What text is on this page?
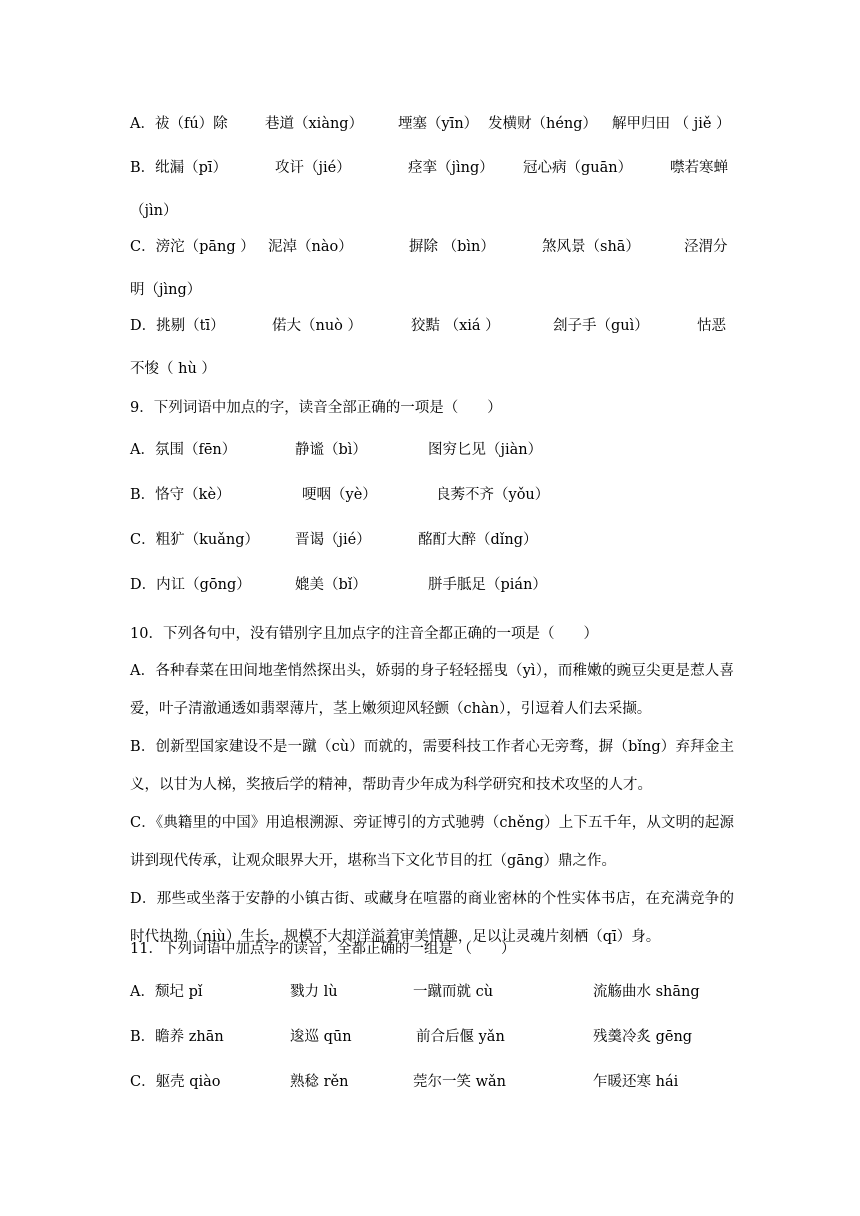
A．祓（fú）除	巷道（xiàng） 堙塞（yīn） 发横财（héng） 解甲归田 （ jiě ）
B．纰漏（pī）	攻讦（jié）	痉挛（jìng） 冠心病（guān）	噤若寒蝉
（jìn）
C．滂沱（pāng ） 泥淖（nào）	摒除 （bìn）	煞风景（shā）	泾渭分
明（jìng）
D．挑剔（tī）	偌大（nuò ）	狡黠 （xiá ）	刽子手（guì）	怙恶
不悛（ hù ）
9．下列词语中加点的字，读音全部正确的一项是（　　）
A．氛围（fēn）	静谧（bì）	图穷匕见（jiàn）
B．恪守（kè）	哽咽（yè）	良莠不齐（yǒu）
C．粗犷（kuǎng） 晋谒（jié）	酩酊大醉（dǐng）
D．内讧（gōng）	媲美（bǐ）	胼手胝足（pián）
10．下列各句中，没有错别字且加点字的注音全都正确的一项是（　　）
A．各种春菜在田间地垄悄然探出头，娇弱的身子轻轻摇曳（yì），而稚嫩的豌豆尖更是惹人喜爱，叶子清澈通透如翡翠薄片，茎上嫩须迎风轻颤（chàn），引逗着人们去采撷。
B．创新型国家建设不是一蹴（cù）而就的，需要科技工作者心无旁骛，摒（bǐng）弃拜金主义，以甘为人梯，奖掖后学的精神，帮助青少年成为科学研究和技术攻坚的人才。
C．《典籍里的中国》用追根溯源、旁证博引的方式驰骋（chěng）上下五千年，从文明的起源讲到现代传承，让观众眼界大开，堪称当下文化节目的扛（gāng）鼎之作。
D．那些或坐落于安静的小镇古街、或藏身在喧嚣的商业密林的个性实体书店，在充满竞争的时代执拗（niù）生长，规模不大却洋溢着审美情趣，足以让灵魂片刻栖（qī）身。
11．下列词语中加点字的读音，全都正确的一组是 （　　）
A．颓圮 pǐ	戮力 lù	一蹴而就 cù	流觞曲水 shāng
B．瞻养 zhān	逡巡 qūn	前合后偃 yǎn	残羹冷炙 gēng
C．躯壳 qiào	熟稔 rěn	莞尔一笑 wǎn	乍暖还寒 hái
